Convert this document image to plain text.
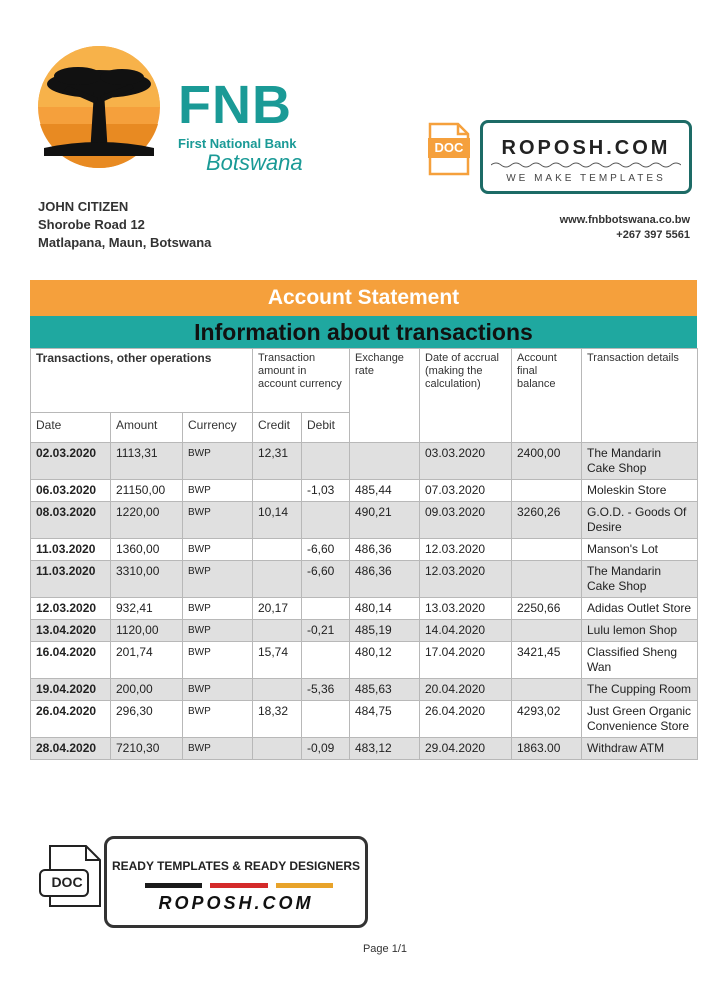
FNB
First National Bank
Botswana
DOC	ROPOSH.COM
WE MAKE TEMPLATES
JOHN CITIZEN
Shorobe Road 12
Matlapana, Maun, Botswana
www.fnbbotswana.co.bw
+267 397 5561
Account Statement
Information about transactions
Transactions, other operations			Transaction amount in account currency		Exchange rate	Date of accrual (making the calculation)	Account final balance	Transaction details
Date	Amount	Currency	Credit	Debit				
02.03.2020	1113,31	BWP	12,31			03.03.2020	2400,00	The Mandarin Cake Shop
06.03.2020	21150,00	BWP		-1,03	485,44	07.03.2020		Moleskin Store
08.03.2020	1220,00	BWP	10,14		490,21	09.03.2020	3260,26	G.O.D. - Goods Of Desire
11.03.2020	1360,00	BWP		-6,60	486,36	12.03.2020		Manson's Lot
11.03.2020	3310,00	BWP		-6,60	486,36	12.03.2020		The Mandarin Cake Shop
12.03.2020	932,41	BWP	20,17		480,14	13.03.2020	2250,66	Adidas Outlet Store
13.04.2020	1120,00	BWP		-0,21	485,19	14.04.2020		Lulu lemon Shop
16.04.2020	201,74	BWP	15,74		480,12	17.04.2020	3421,45	Classified Sheng Wan
19.04.2020	200,00	BWP		-5,36	485,63	20.04.2020		The Cupping Room
26.04.2020	296,30	BWP	18,32		484,75	26.04.2020	4293,02	Just Green Organic Convenience Store
28.04.2020	7210,30	BWP		-0,09	483,12	29.04.2020	1863.00	Withdraw ATM
DOC
READY TEMPLATES & READY DESIGNERS
ROPOSH.COM
Page 1/1
